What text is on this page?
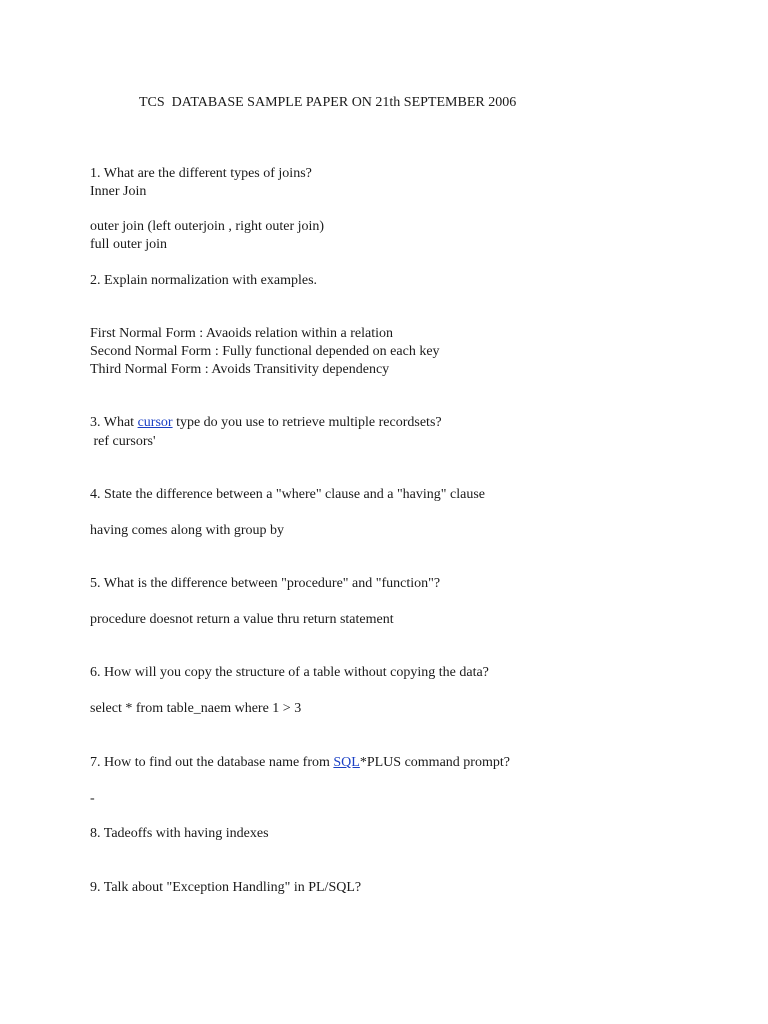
TCS  DATABASE SAMPLE PAPER ON 21th SEPTEMBER 2006
1. What are the different types of joins?
Inner Join
outer join (left outerjoin , right outer join)
full outer join
2. Explain normalization with examples.
First Normal Form : Avaoids relation within a relation
Second Normal Form : Fully functional depended on each key
Third Normal Form : Avoids Transitivity dependency
3. What cursor type do you use to retrieve multiple recordsets?
ref cursors'
4. State the difference between a "where" clause and a "having" clause
having comes along with group by
5. What is the difference between "procedure" and "function"?
procedure doesnot return a value thru return statement
6. How will you copy the structure of a table without copying the data?
select * from table_naem where 1 > 3
7. How to find out the database name from SQL*PLUS command prompt?
-
8. Tadeoffs with having indexes
9. Talk about "Exception Handling" in PL/SQL?
